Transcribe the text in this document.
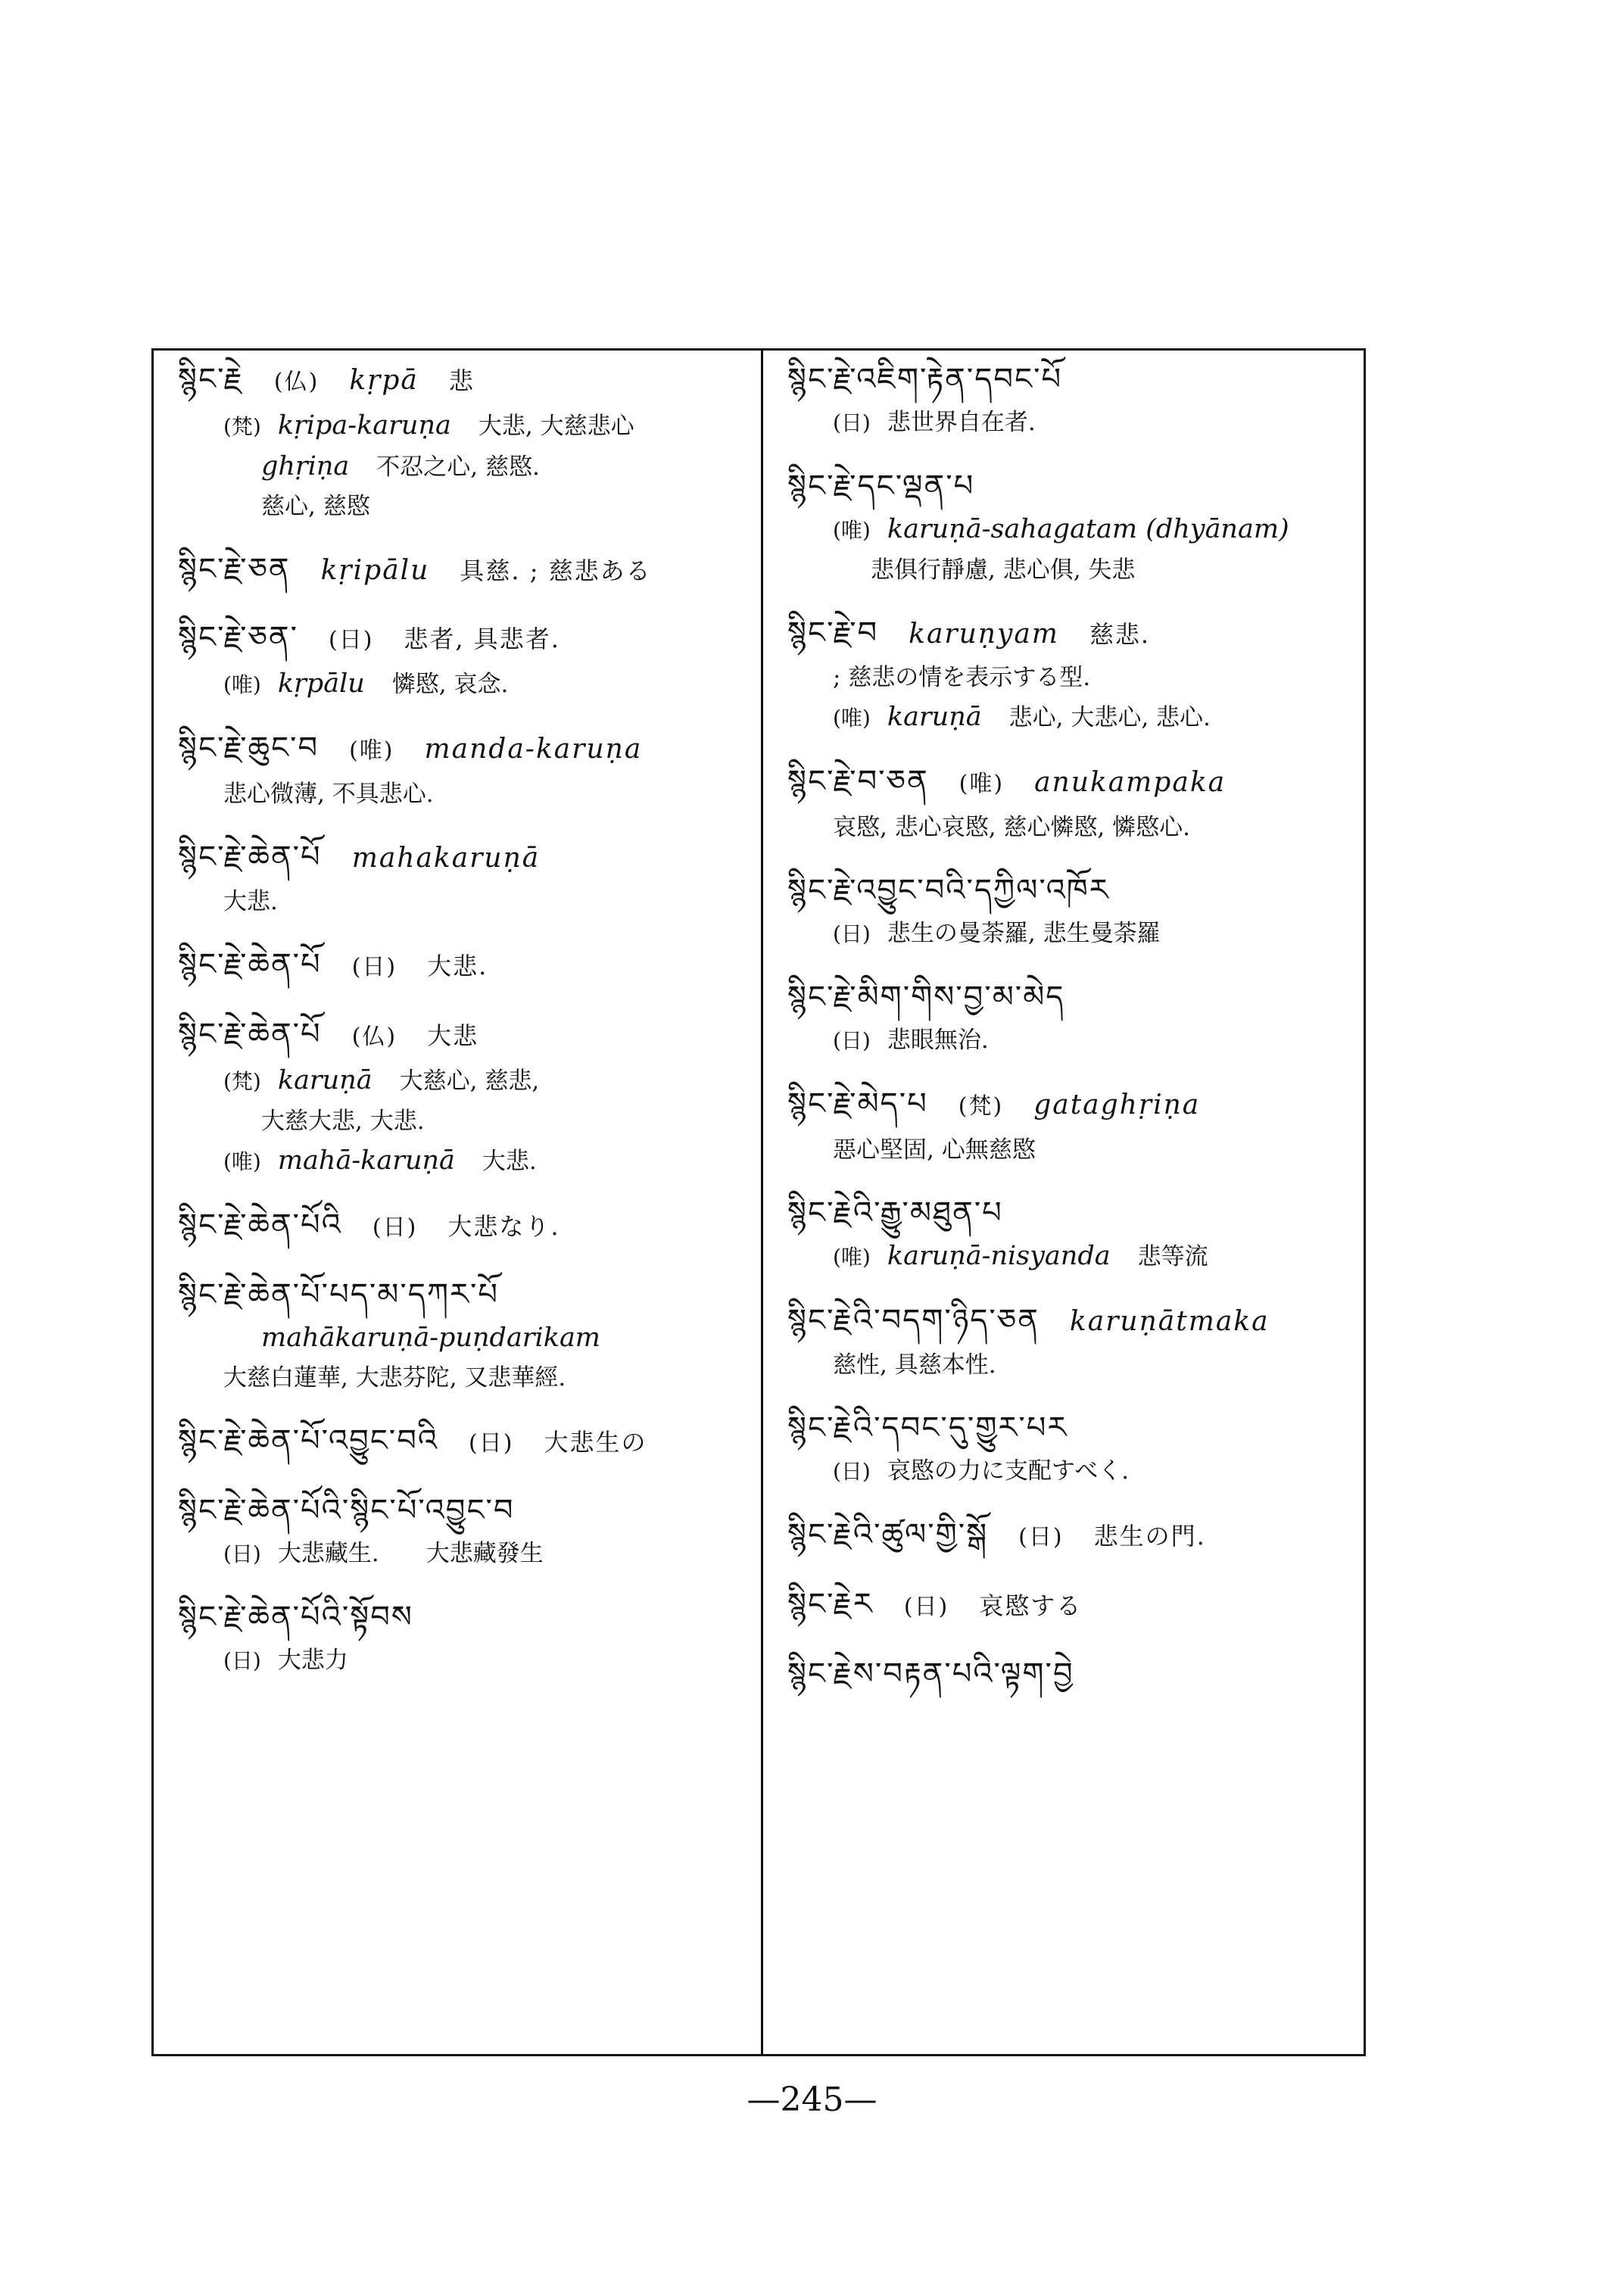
སྙིང་རྗེ (仏) kṛpā 悲
(梵) kṛipa-karuṇa 大悲, 大慈悲心
ghṛiṇa 不忍之心, 慈愍.
慈心, 慈愍
སྙིང་རྗེ་ཅན kṛipālu 具慈. ; 慈悲ある
སྙིང་རྗེ་ཅན་ (日) 悲者, 具悲者.
(唯) kṛpālu 憐愍, 哀念.
སྙིང་རྗེ་ཆུང་བ (唯) manda-karuṇa
悲心微薄, 不具悲心.
སྙིང་རྗེ་ཆེན་པོ mahakaruṇā
大悲.
སྙིང་རྗེ་ཆེན་པོ (日) 大悲.
སྙིང་རྗེ་ཆེན་པོ (仏) 大悲
(梵) karuṇā 大慈心, 慈悲,
大慈大悲, 大悲.
(唯) mahā-karuṇā 大悲.
སྙིང་རྗེ་ཆེན་པོའི (日) 大悲なり.
སྙིང་རྗེ་ཆེན་པོ་པད་མ་དཀར་པོ
mahākaruṇā-puṇdarikam
大慈白蓮華, 大悲芬陀, 又悲華經.
སྙིང་རྗེ་ཆེན་པོ་འབྱུང་བའི (日) 大悲生の
སྙིང་རྗེ་ཆེན་པོའི་སྙིང་པོ་འབྱུང་བ
(日) 大悲藏生.　　大悲藏發生
སྙིང་རྗེ་ཆེན་པོའི་སྟོབས
(日) 大悲力
སྙིང་རྗེ་འཇིག་རྟེན་དབང་པོ
(日) 悲世界自在者.
སྙིང་རྗེ་དང་ལྡན་པ
(唯) karuṇā-sahagatam (dhyānam)
悲俱行靜慮, 悲心俱, 失悲
སྙིང་རྗེ་བ karuṇyam 慈悲.
; 慈悲の情を表示する型.
(唯) karuṇā 悲心, 大悲心, 悲心.
སྙིང་རྗེ་བ་ཅན (唯) anukampaka
哀愍, 悲心哀愍, 慈心憐愍, 憐愍心.
སྙིང་རྗེ་འབྱུང་བའི་དཀྱིལ་འཁོར
(日) 悲生の曼荼羅, 悲生曼荼羅
སྙིང་རྗེ་མིག་གིས་བྱ་མ་མེད
(日) 悲眼無治.
སྙིང་རྗེ་མེད་པ (梵) gataghṛiṇa
惡心堅固, 心無慈愍
སྙིང་རྗེའི་རྒྱུ་མཐུན་པ
(唯) karuṇā-nisyanda 悲等流
སྙིང་རྗེའི་བདག་ཉིད་ཅན karuṇātmaka
慈性, 具慈本性.
སྙིང་རྗེའི་དབང་དུ་གྱུར་པར
(日) 哀愍の力に支配すべく.
སྙིང་རྗེའི་ཚུལ་གྱི་སྒོ (日) 悲生の門.
སྙིང་རྗེར (日) 哀愍する
སྙིང་རྗེས་བརྟན་པའི་ལྟག་བྱེ
—245—
